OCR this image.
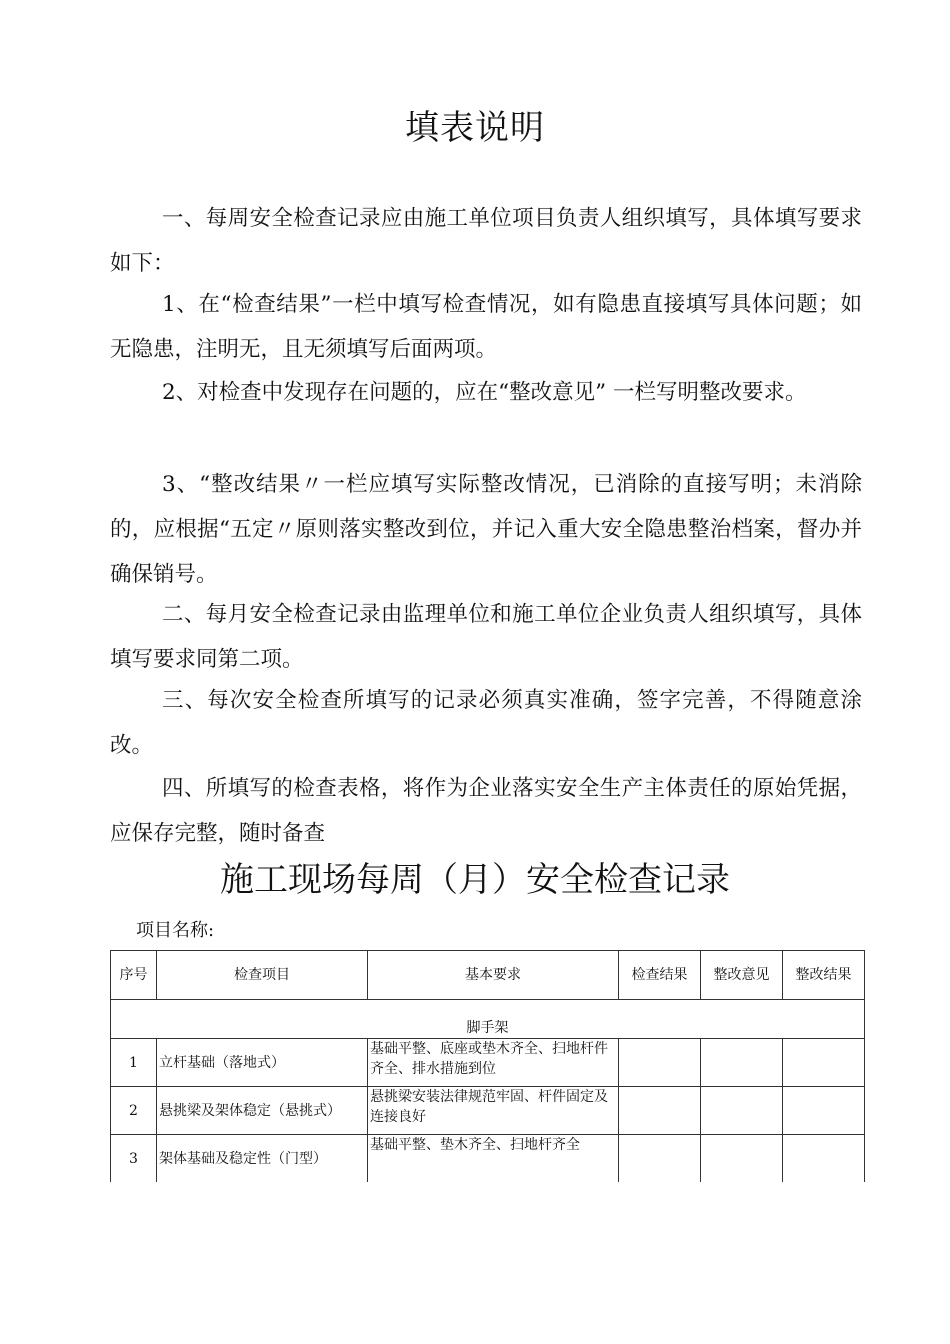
填表说明

一、每周安全检查记录应由施工单位项目负责人组织填写，具体填写要求如下：

1、在“检查结果”一栏中填写检查情况，如有隐患直接填写具体问题；如无隐患，注明无，且无须填写后面两项。

2、对检查中发现存在问题的，应在“整改意见” 一栏写明整改要求。

3、“整改结果〃一栏应填写实际整改情况，已消除的直接写明；未消除的，应根据“五定〃原则落实整改到位，并记入重大安全隐患整治档案，督办并确保销号。

二、每月安全检查记录由监理单位和施工单位企业负责人组织填写，具体填写要求同第二项。

三、每次安全检查所填写的记录必须真实准确，签字完善，不得随意涂改。

四、所填写的检查表格，将作为企业落实安全生产主体责任的原始凭据，应保存完整，随时备查

施工现场每周（月）安全检查记录
项目名称:
序号	检查项目	基本要求	检查结果	整改意见	整改结果
脚手架					
1	立杆基础（落地式）	基础平整、底座或垫木齐全、扫地杆件齐全、排水措施到位			
2	悬挑梁及架体稳定（悬挑式）	悬挑梁安装法律规范牢固、杆件固定及连接良好			
3	架体基础及稳定性（门型）	基础平整、垫木齐全、扫地杆齐全			
